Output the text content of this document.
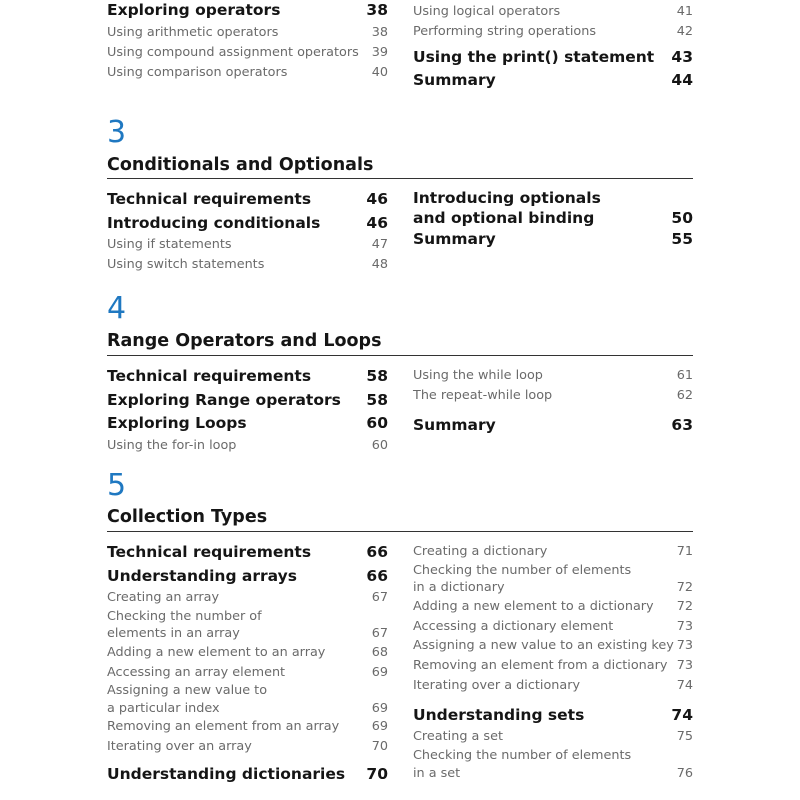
Exploring operators	38
Using arithmetic operators	38
Using compound assignment operators 39
Using comparison operators	40
Using logical operators	41
Performing string operations	42
Using the print() statement 43
Summary	44
3
Conditionals and Optionals
Technical requirements	46
Introducing conditionals	46
Using if statements	47
Using switch statements	48
Introducing optionals
and optional binding	50
Summary	55
4
Range Operators and Loops
Technical requirements	58
Exploring Range operators 58
Exploring Loops	60
Using the for-in loop	60
Using the while loop	61
The repeat-while loop	62
Summary	63
5
Collection Types
Technical requirements	66
Understanding arrays	66
Creating an array	67
Checking the number of
elements in an array	67
Adding a new element to an array	68
Accessing an array element	69
Assigning a new value to
a particular index	69
Removing an element from an array	69
Iterating over an array	70
Understanding dictionaries 70
Creating a dictionary	71
Checking the number of elements
in a dictionary	72
Adding a new element to a dictionary 72
Accessing a dictionary element	73
Assigning a new value to an existing key 73
Removing an element from a dictionary 73
Iterating over a dictionary	74
Understanding sets	74
Creating a set	75
Checking the number of elements
in a set	76
